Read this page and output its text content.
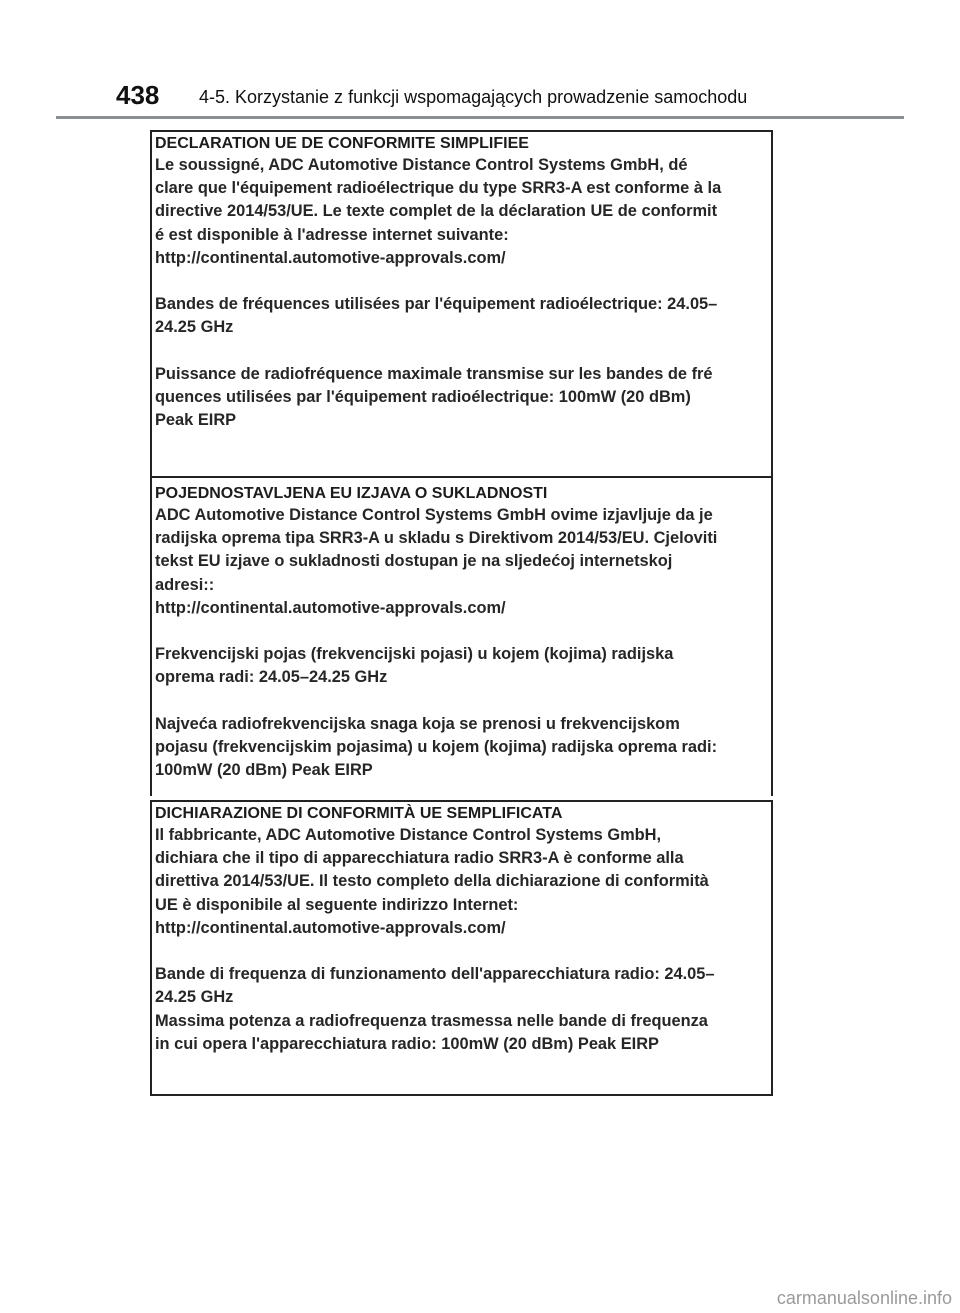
438 4-5. Korzystanie z funkcji wspomagających prowadzenie samochodu
DECLARATION UE DE CONFORMITE SIMPLIFIEE
Le soussigné, ADC Automotive Distance Control Systems GmbH, dé
clare que l'équipement radioélectrique du type SRR3-A est conforme à la
directive 2014/53/UE. Le texte complet de la déclaration UE de conformit
é est disponible à l'adresse internet suivante:
http://continental.automotive-approvals.com/
Bandes de fréquences utilisées par l'équipement radioélectrique: 24.05–
24.25 GHz
Puissance de radiofréquence maximale transmise sur les bandes de fré
quences utilisées par l'équipement radioélectrique: 100mW (20 dBm)
Peak EIRP
POJEDNOSTAVLJENA EU IZJAVA O SUKLADNOSTI
ADC Automotive Distance Control Systems GmbH ovime izjavljuje da je
radijska oprema tipa SRR3-A u skladu s Direktivom 2014/53/EU. Cjeloviti
tekst EU izjave o sukladnosti dostupan je na sljedećoj internetskoj
adresi::
http://continental.automotive-approvals.com/
Frekvencijski pojas (frekvencijski pojasi) u kojem (kojima) radijska
oprema radi: 24.05–24.25 GHz
Najveća radiofrekvencijska snaga koja se prenosi u frekvencijskom
pojasu (frekvencijskim pojasima) u kojem (kojima) radijska oprema radi:
100mW (20 dBm) Peak EIRP
DICHIARAZIONE DI CONFORMITÀ UE SEMPLIFICATA
Il fabbricante, ADC Automotive Distance Control Systems GmbH,
dichiara che il tipo di apparecchiatura radio SRR3-A è conforme alla
direttiva 2014/53/UE. Il testo completo della dichiarazione di conformità
UE è disponibile al seguente indirizzo Internet:
http://continental.automotive-approvals.com/
Bande di frequenza di funzionamento dell'apparecchiatura radio: 24.05–
24.25 GHz
Massima potenza a radiofrequenza trasmessa nelle bande di frequenza
in cui opera l'apparecchiatura radio: 100mW (20 dBm) Peak EIRP
carmanualsonline.info
